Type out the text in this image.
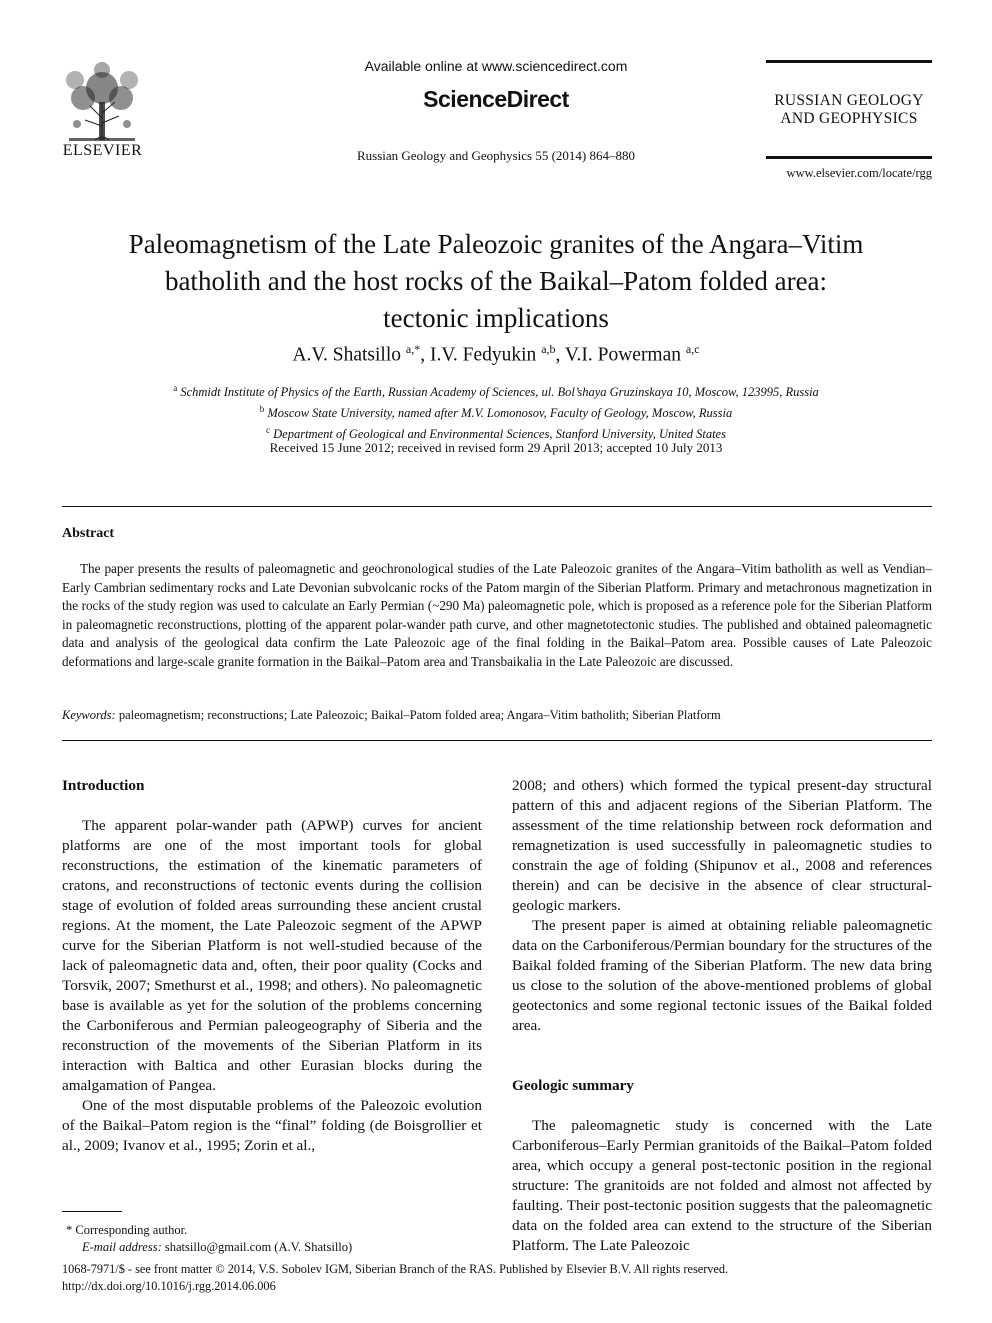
ELSEVIER
Available online at www.sciencedirect.com
ScienceDirect
Russian Geology and Geophysics 55 (2014) 864–880
RUSSIAN GEOLOGY
AND GEOPHYSICS
www.elsevier.com/locate/rgg
Paleomagnetism of the Late Paleozoic granites of the Angara–Vitim
batholith and the host rocks of the Baikal–Patom folded area:
tectonic implications
A.V. Shatsillo $^{a,*}$, I.V. Fedyukin $^{a,b}$, V.I. Powerman $^{a,c}$
$^a$ Schmidt Institute of Physics of the Earth, Russian Academy of Sciences, ul. Bol’shaya Gruzinskaya 10, Moscow, 123995, Russia
$^b$ Moscow State University, named after M.V. Lomonosov, Faculty of Geology, Moscow, Russia
$^c$ Department of Geological and Environmental Sciences, Stanford University, United States
Received 15 June 2012; received in revised form 29 April 2013; accepted 10 July 2013
Abstract
The paper presents the results of paleomagnetic and geochronological studies of the Late Paleozoic granites of the Angara–Vitim batholith as well as Vendian–Early Cambrian sedimentary rocks and Late Devonian subvolcanic rocks of the Patom margin of the Siberian Platform. Primary and metachronous magnetization in the rocks of the study region was used to calculate an Early Permian (~290 Ma) paleomagnetic pole, which is proposed as a reference pole for the Siberian Platform in paleomagnetic reconstructions, plotting of the apparent polar-wander path curve, and other magnetotectonic studies. The published and obtained paleomagnetic data and analysis of the geological data confirm the Late Paleozoic age of the final folding in the Baikal–Patom area. Possible causes of Late Paleozoic deformations and large-scale granite formation in the Baikal–Patom area and Transbaikalia in the Late Paleozoic are discussed.
Keywords: paleomagnetism; reconstructions; Late Paleozoic; Baikal–Patom folded area; Angara–Vitim batholith; Siberian Platform
Introduction

The apparent polar-wander path (APWP) curves for ancient platforms are one of the most important tools for global reconstructions, the estimation of the kinematic parameters of cratons, and reconstructions of tectonic events during the collision stage of evolution of folded areas surrounding these ancient crustal regions. At the moment, the Late Paleozoic segment of the APWP curve for the Siberian Platform is not well-studied because of the lack of paleomagnetic data and, often, their poor quality (Cocks and Torsvik, 2007; Smethurst et al., 1998; and others). No paleomagnetic base is available as yet for the solution of the problems concerning the Carboniferous and Permian paleogeography of Siberia and the reconstruction of the movements of the Siberian Platform in its interaction with Baltica and other Eurasian blocks during the amalgamation of Pangea.

One of the most disputable problems of the Paleozoic evolution of the Baikal–Patom region is the “final” folding (de Boisgrollier et al., 2009; Ivanov et al., 1995; Zorin et al.,

2008; and others) which formed the typical present-day structural pattern of this and adjacent regions of the Siberian Platform. The assessment of the time relationship between rock deformation and remagnetization is used successfully in paleomagnetic studies to constrain the age of folding (Shipunov et al., 2008 and references therein) and can be decisive in the absence of clear structural-geologic markers.

The present paper is aimed at obtaining reliable paleomagnetic data on the Carboniferous/Permian boundary for the structures of the Baikal folded framing of the Siberian Platform. The new data bring us close to the solution of the above-mentioned problems of global geotectonics and some regional tectonic issues of the Baikal folded area.

Geologic summary

The paleomagnetic study is concerned with the Late Carboniferous–Early Permian granitoids of the Baikal–Patom folded area, which occupy a general post-tectonic position in the regional structure: The granitoids are not folded and almost not affected by faulting. Their post-tectonic position suggests that the paleomagnetic data on the folded area can extend to the structure of the Siberian Platform. The Late Paleozoic

* Corresponding author.
E-mail address: shatsillo@gmail.com (A.V. Shatsillo)
1068-7971/$ - see front matter © 2014, V.S. Sobolev IGM, Siberian Branch of the RAS. Published by Elsevier B.V. All rights reserved.
http://dx.doi.org/10.1016/j.rgg.2014.06.006
